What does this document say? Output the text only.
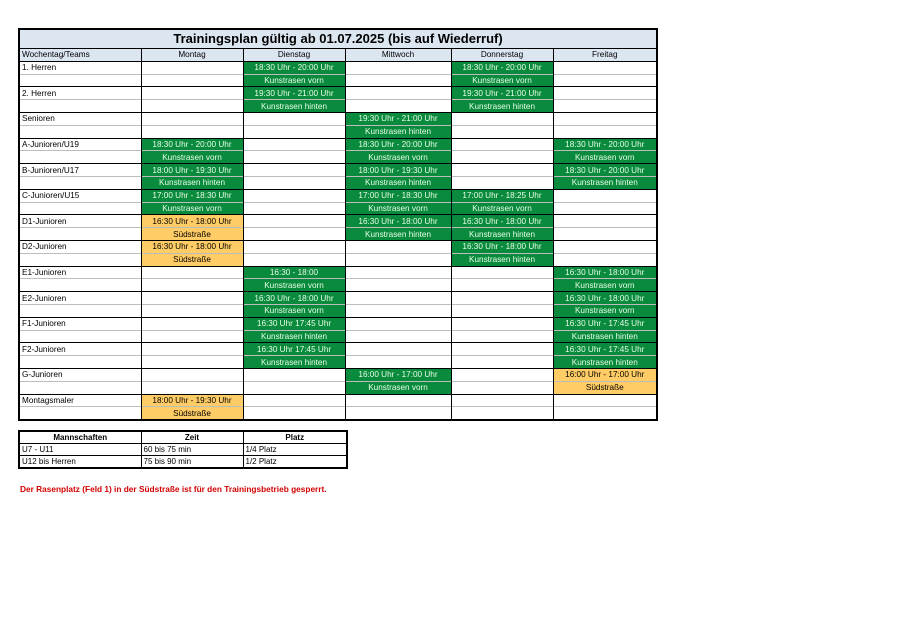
Trainingsplan gültig ab 01.07.2025 (bis auf Wiederruf)					
Wochentag/Teams	Montag	Dienstag	Mittwoch	Donnerstag	Freitag
1. Herren		18:30 Uhr - 20:00 Uhr		18:30 Uhr - 20:00 Uhr	
		Kunstrasen vorn		Kunstrasen vorn	
2. Herren		19:30 Uhr - 21:00 Uhr		19:30 Uhr - 21:00 Uhr	
		Kunstrasen hinten		Kunstrasen hinten	
Senioren			19:30 Uhr - 21:00 Uhr		
			Kunstrasen hinten		
A-Junioren/U19	18:30 Uhr - 20:00 Uhr		18:30 Uhr - 20:00 Uhr		18:30 Uhr - 20:00 Uhr
	Kunstrasen vorn		Kunstrasen vorn		Kunstrasen vorn
B-Junioren/U17	18:00 Uhr - 19:30 Uhr		18:00 Uhr - 19:30 Uhr		18:30 Uhr - 20:00 Uhr
	Kunstrasen hinten		Kunstrasen hinten		Kunstrasen hinten
C-Junioren/U15	17:00 Uhr - 18:30 Uhr		17:00 Uhr - 18:30 Uhr	17:00 Uhr - 18:25 Uhr	
	Kunstrasen vorn		Kunstrasen vorn	Kunstrasen vorn	
D1-Junioren	16:30 Uhr - 18:00 Uhr		16:30 Uhr - 18:00 Uhr	16:30 Uhr - 18:00 Uhr	
	Südstraße		Kunstrasen hinten	Kunstrasen hinten	
D2-Junioren	16:30 Uhr - 18:00 Uhr			16:30 Uhr - 18:00 Uhr	
	Südstraße			Kunstrasen hinten	
E1-Junioren		16:30 - 18:00			16:30 Uhr - 18:00 Uhr
		Kunstrasen vorn			Kunstrasen vorn
E2-Junioren		16:30 Uhr - 18:00 Uhr			16:30 Uhr - 18:00 Uhr
		Kunstrasen vorn			Kunstrasen vorn
F1-Junioren		16:30 Uhr 17:45 Uhr			16:30 Uhr - 17:45 Uhr
		Kunstrasen hinten			Kunstrasen hinten
F2-Junioren		16:30 Uhr 17:45 Uhr			16:30 Uhr - 17:45 Uhr
		Kunstrasen hinten			Kunstrasen hinten
G-Junioren			16:00 Uhr - 17:00 Uhr		16:00 Uhr - 17:00 Uhr
			Kunstrasen vorn		Südstraße
Montagsmaler	18:00 Uhr - 19:30 Uhr				
	Südstraße				
Mannschaften	Zeit	Platz
U7 - U11	60 bis 75 min	1/4 Platz
U12 bis Herren	75 bis 90 min	1/2 Platz
Der Rasenplatz (Feld 1) in der Südstraße ist für den Trainingsbetrieb gesperrt.
